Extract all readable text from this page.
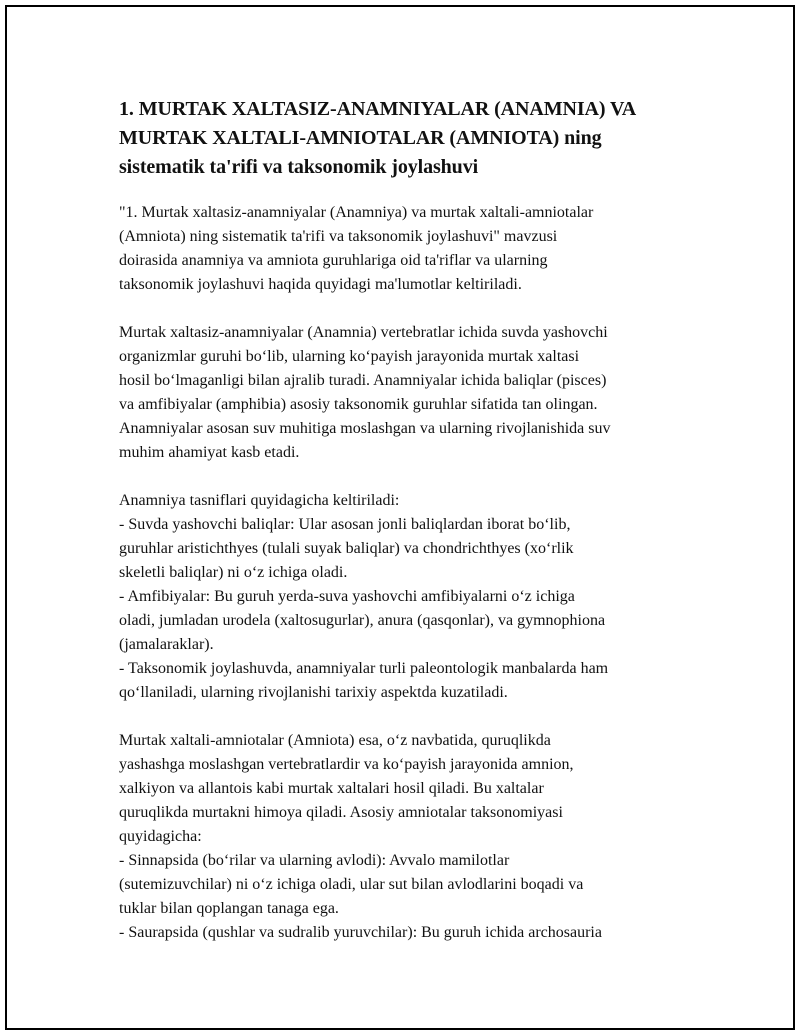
1. MURTAK XALTASIZ-ANAMNIYALAR (ANAMNIA) VA
MURTAK XALTALI-AMNIOTALAR (AMNIOTA) ning
sistematik ta'rifi va taksonomik joylashuvi

"1. Murtak xaltasiz-anamniyalar (Anamniya) va murtak xaltali-amniotalar
(Amniota) ning sistematik ta'rifi va taksonomik joylashuvi" mavzusi
doirasida anamniya va amniota guruhlariga oid ta'riflar va ularning
taksonomik joylashuvi haqida quyidagi ma'lumotlar keltiriladi.

Murtak xaltasiz-anamniyalar (Anamnia) vertebratlar ichida suvda yashovchi
organizmlar guruhi bo‘lib, ularning ko‘payish jarayonida murtak xaltasi
hosil bo‘lmaganligi bilan ajralib turadi. Anamniyalar ichida baliqlar (pisces)
va amfibiyalar (amphibia) asosiy taksonomik guruhlar sifatida tan olingan.
Anamniyalar asosan suv muhitiga moslashgan va ularning rivojlanishida suv
muhim ahamiyat kasb etadi.

Anamniya tasniflari quyidagicha keltiriladi:
- Suvda yashovchi baliqlar: Ular asosan jonli baliqlardan iborat bo‘lib,
guruhlar aristichthyes (tulali suyak baliqlar) va chondrichthyes (xo‘rlik
skeletli baliqlar) ni o‘z ichiga oladi.
- Amfibiyalar: Bu guruh yerda-suva yashovchi amfibiyalarni o‘z ichiga
oladi, jumladan urodela (xaltosugurlar), anura (qasqonlar), va gymnophiona
(jamalaraklar).
- Taksonomik joylashuvda, anamniyalar turli paleontologik manbalarda ham
qo‘llaniladi, ularning rivojlanishi tarixiy aspektda kuzatiladi.

Murtak xaltali-amniotalar (Amniota) esa, o‘z navbatida, quruqlikda
yashashga moslashgan vertebratlardir va ko‘payish jarayonida amnion,
xalkiyon va allantois kabi murtak xaltalari hosil qiladi. Bu xaltalar
quruqlikda murtakni himoya qiladi. Asosiy amniotalar taksonomiyasi
quyidagicha:
- Sinnapsida (bo‘rilar va ularning avlodi): Avvalo mamilotlar
(sutemizuvchilar) ni o‘z ichiga oladi, ular sut bilan avlodlarini boqadi va
tuklar bilan qoplangan tanaga ega.
- Saurapsida (qushlar va sudralib yuruvchilar): Bu guruh ichida archosauria
